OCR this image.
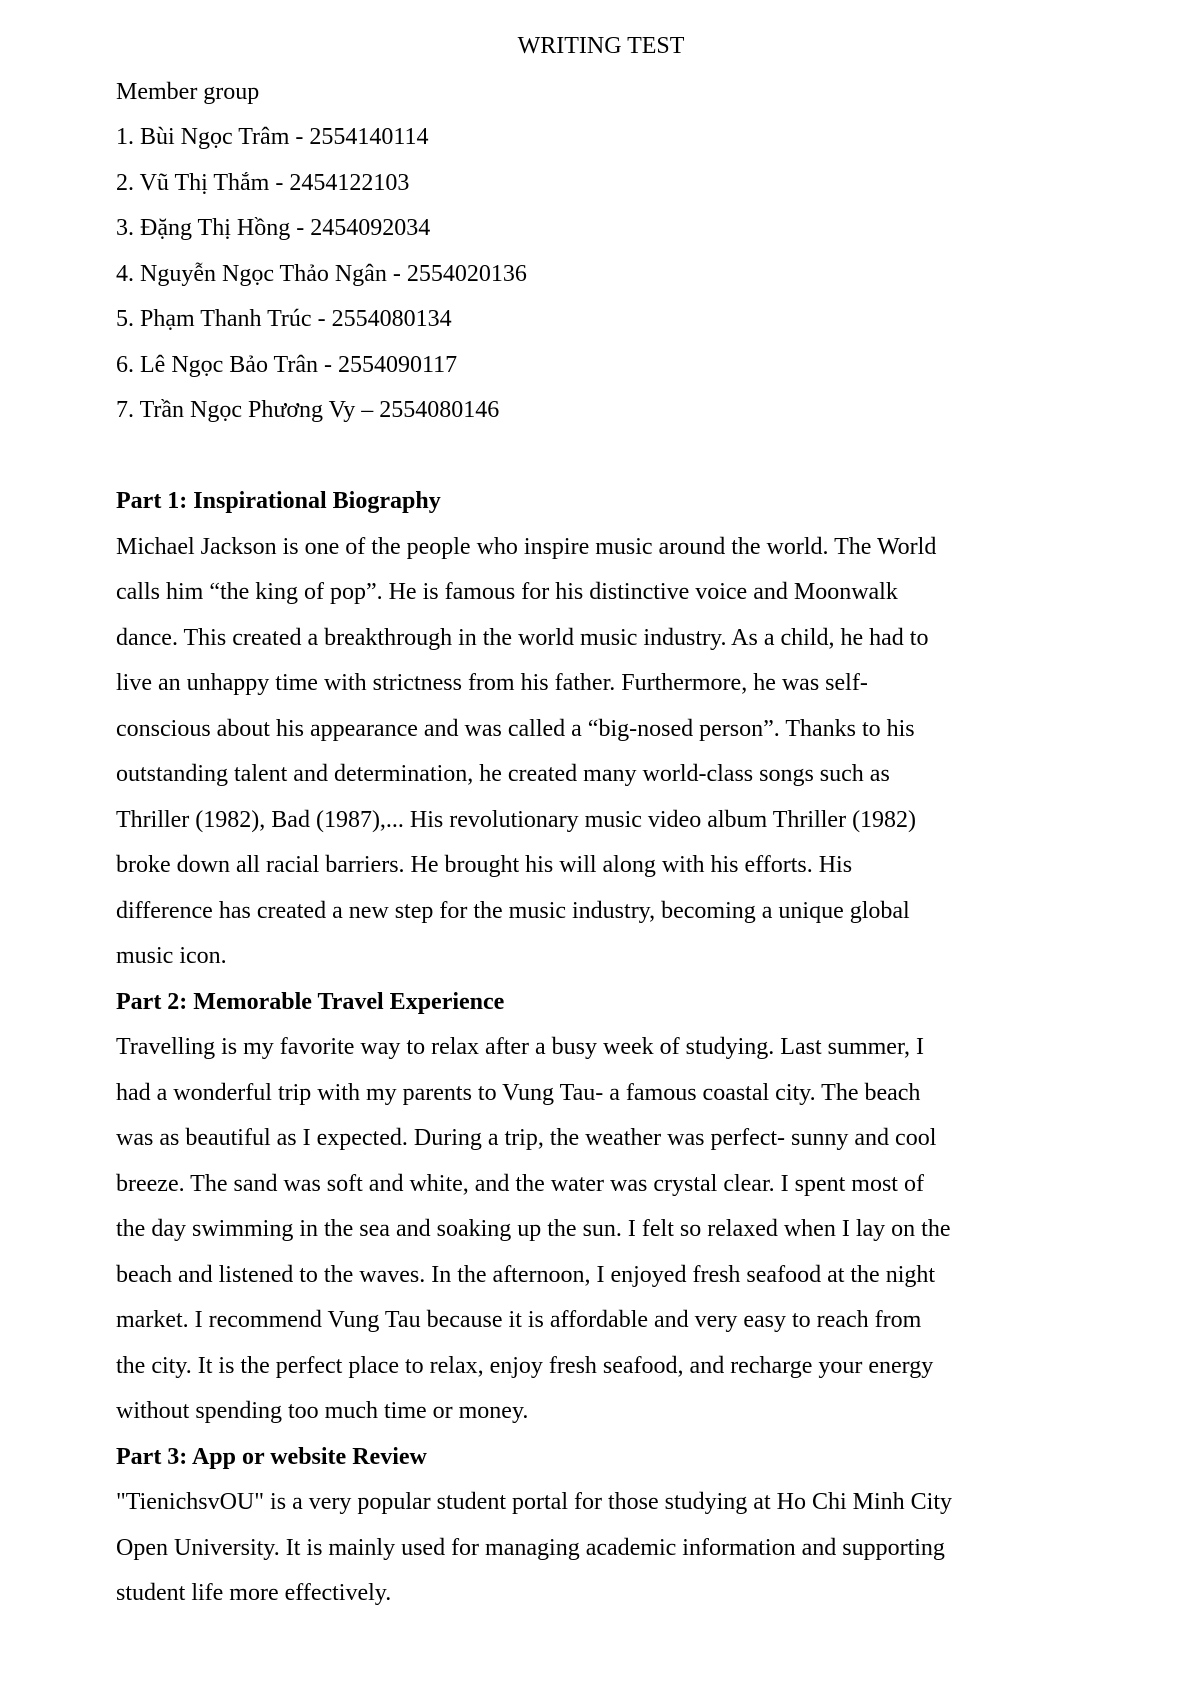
WRITING TEST
Member group
1. Bùi Ngọc Trâm - 2554140114
2. Vũ Thị Thắm - 2454122103
3. Đặng Thị Hồng - 2454092034
4. Nguyễn Ngọc Thảo Ngân - 2554020136
5. Phạm Thanh Trúc - 2554080134
6. Lê Ngọc Bảo Trân - 2554090117
7. Trần Ngọc Phương Vy – 2554080146
Part 1: Inspirational Biography
Michael Jackson is one of the people who inspire music around the world. The World
calls him “the king of pop”. He is famous for his distinctive voice and Moonwalk
dance. This created a breakthrough in the world music industry. As a child, he had to
live an unhappy time with strictness from his father. Furthermore, he was self-
conscious about his appearance and was called a “big-nosed person”. Thanks to his
outstanding talent and determination, he created many world-class songs such as
Thriller (1982), Bad (1987),... His revolutionary music video album Thriller (1982)
broke down all racial barriers. He brought his will along with his efforts. His
difference has created a new step for the music industry, becoming a unique global
music icon.
Part 2: Memorable Travel Experience
Travelling is my favorite way to relax after a busy week of studying. Last summer, I
had a wonderful trip with my parents to Vung Tau- a famous coastal city. The beach
was as beautiful as I expected. During a trip, the weather was perfect- sunny and cool
breeze. The sand was soft and white, and the water was crystal clear. I spent most of
the day swimming in the sea and soaking up the sun. I felt so relaxed when I lay on the
beach and listened to the waves. In the afternoon, I enjoyed fresh seafood at the night
market. I recommend Vung Tau because it is affordable and very easy to reach from
the city. It is the perfect place to relax, enjoy fresh seafood, and recharge your energy
without spending too much time or money.
Part 3: App or website Review
"TienichsvOU" is a very popular student portal for those studying at Ho Chi Minh City
Open University. It is mainly used for managing academic information and supporting
student life more effectively.
